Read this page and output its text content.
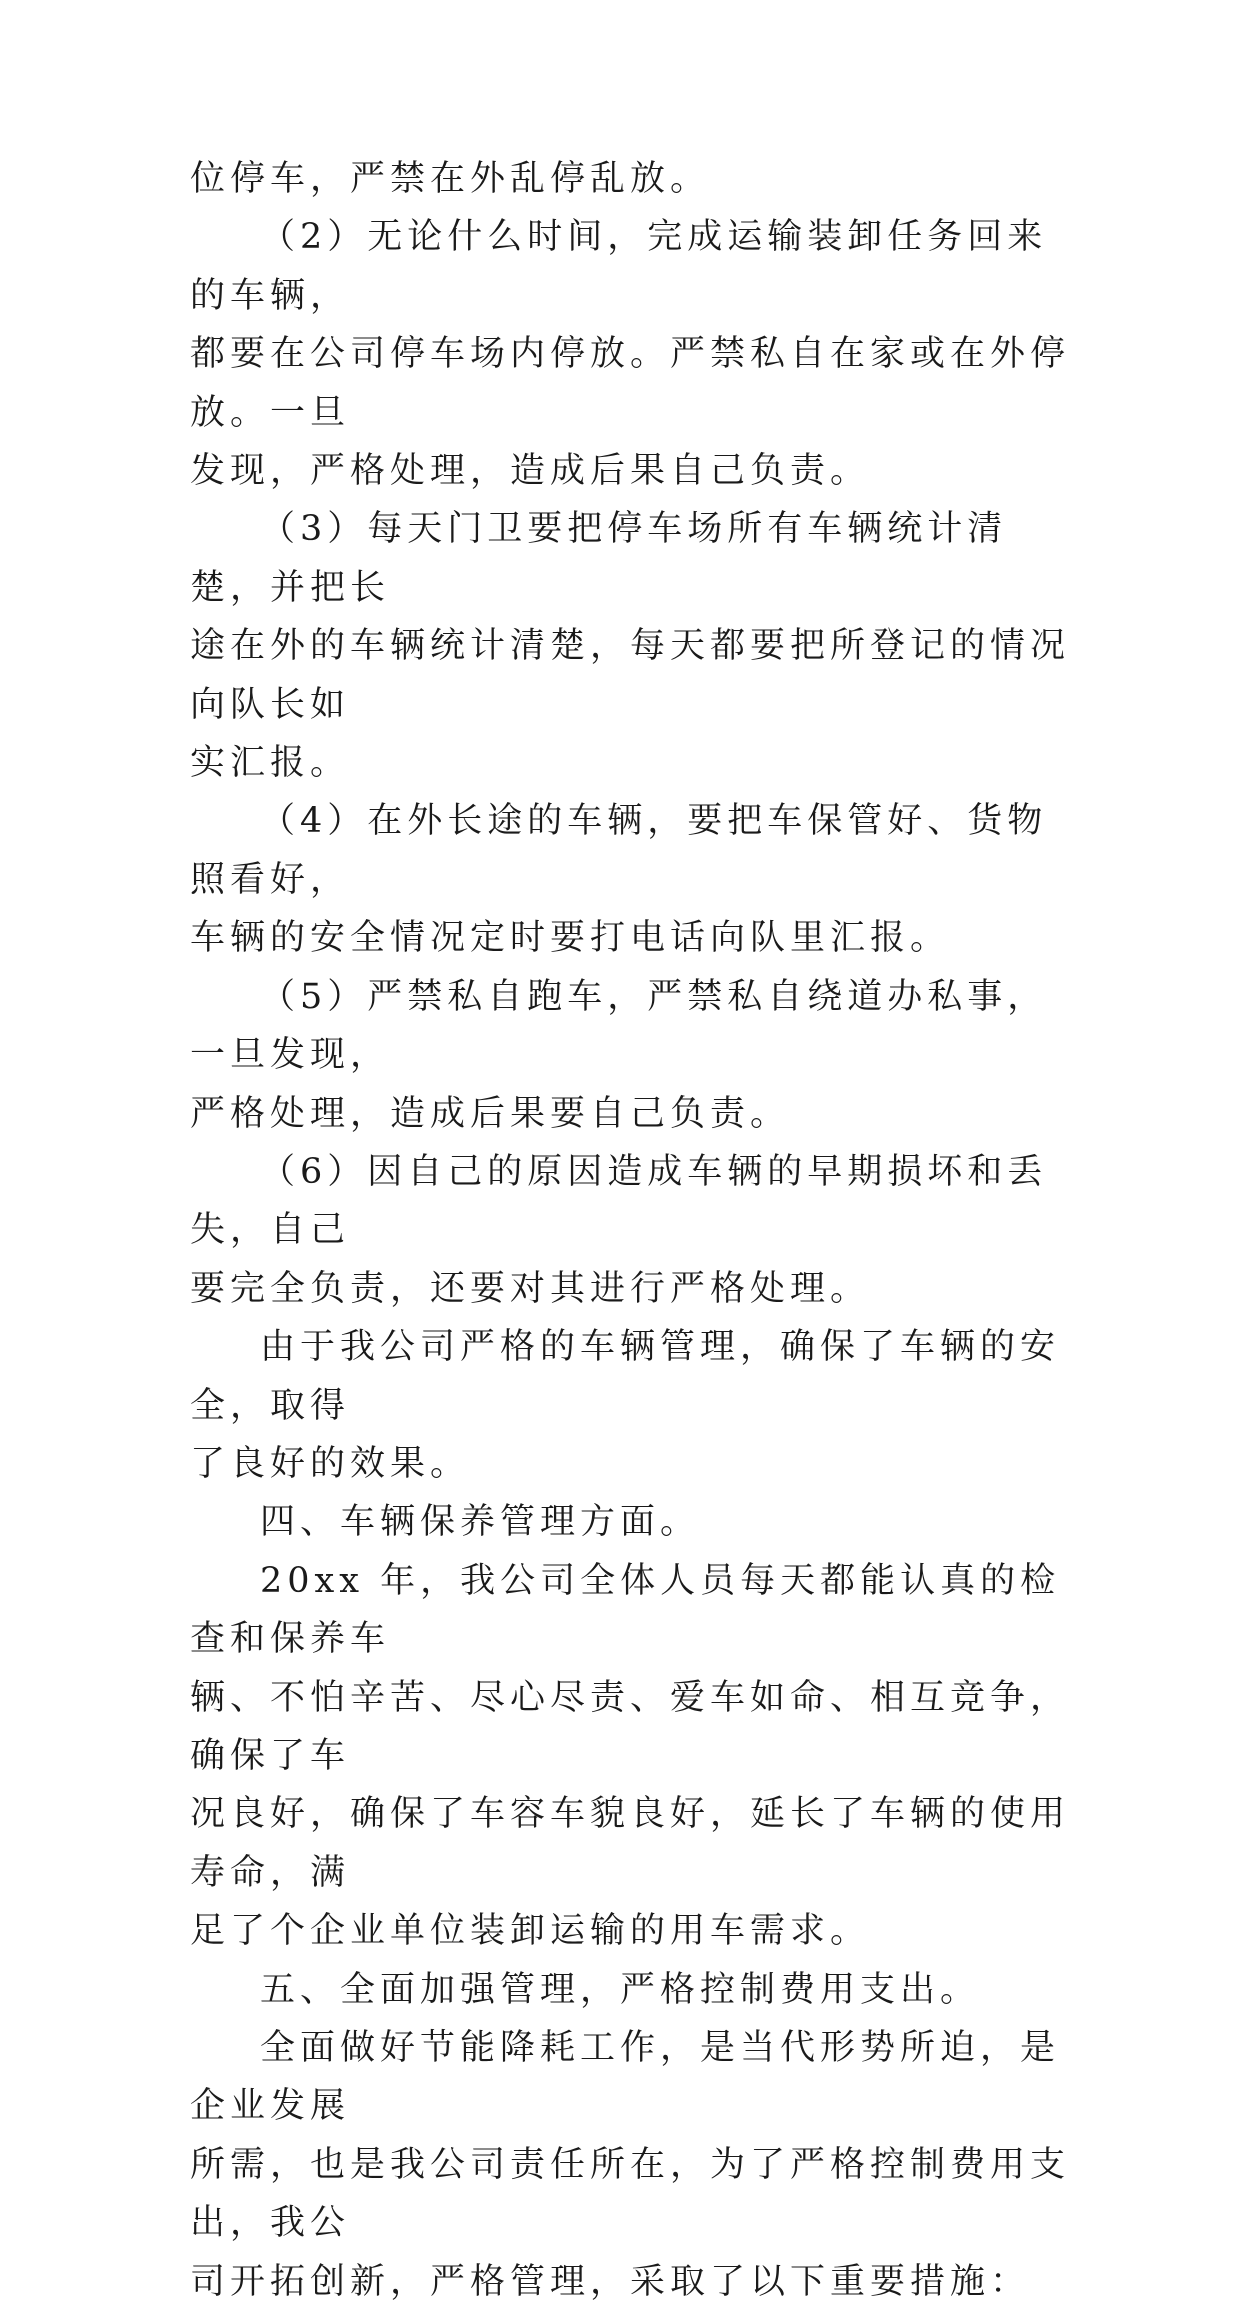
位停车，严禁在外乱停乱放。

（2）无论什么时间，完成运输装卸任务回来的车辆，
都要在公司停车场内停放。严禁私自在家或在外停放。一旦
发现，严格处理，造成后果自己负责。

（3）每天门卫要把停车场所有车辆统计清楚，并把长
途在外的车辆统计清楚，每天都要把所登记的情况向队长如
实汇报。

（4）在外长途的车辆，要把车保管好、货物照看好，
车辆的安全情况定时要打电话向队里汇报。

（5）严禁私自跑车，严禁私自绕道办私事，一旦发现，
严格处理，造成后果要自己负责。

（6）因自己的原因造成车辆的早期损坏和丢失，自己
要完全负责，还要对其进行严格处理。

由于我公司严格的车辆管理，确保了车辆的安全，取得
了良好的效果。

四、车辆保养管理方面。

20xx 年，我公司全体人员每天都能认真的检查和保养车
辆、不怕辛苦、尽心尽责、爱车如命、相互竞争，确保了车
况良好，确保了车容车貌良好，延长了车辆的使用寿命，满
足了个企业单位装卸运输的用车需求。

五、全面加强管理，严格控制费用支出。

全面做好节能降耗工作，是当代形势所迫，是企业发展
所需，也是我公司责任所在，为了严格控制费用支出，我公
司开拓创新，严格管理，采取了以下重要措施：
